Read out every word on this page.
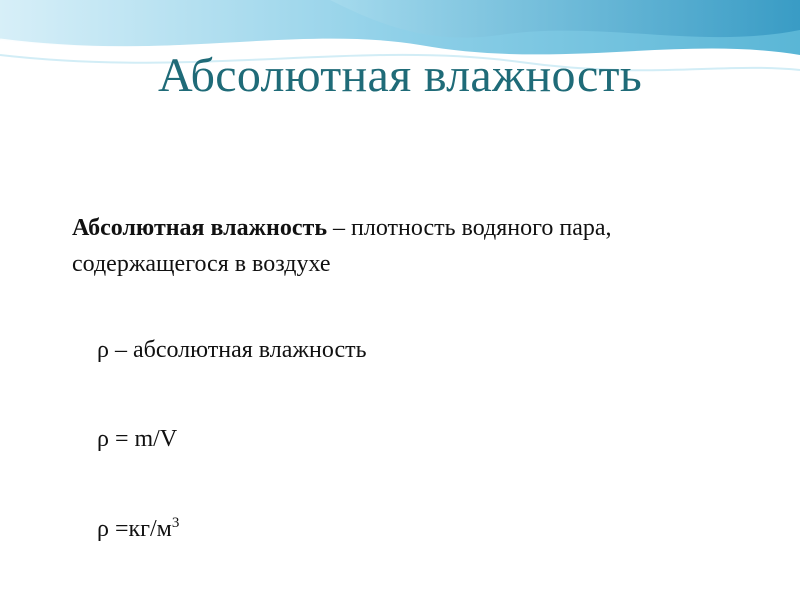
Абсолютная влажность
Абсолютная влажность – плотность водяного пара, содержащегося в воздухе
ρ – абсолютная влажность
ρ = m/V
$\rho =кг/м^3$
